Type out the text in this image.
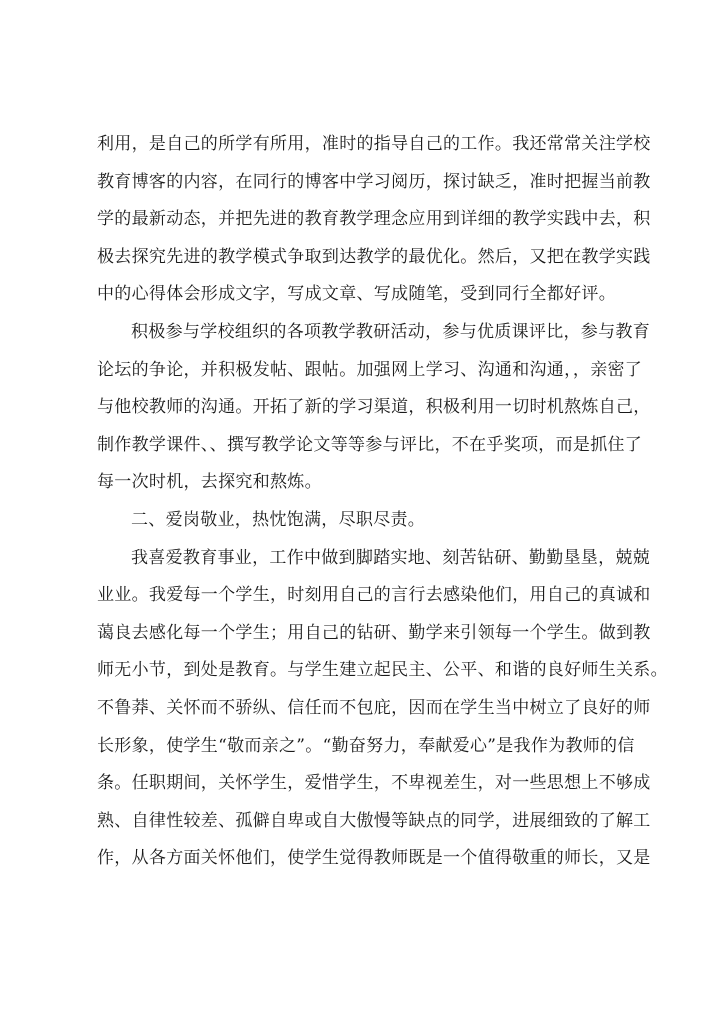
利用，是自己的所学有所用，准时的指导自己的工作。我还常常关注学校
教育博客的内容，在同行的博客中学习阅历，探讨缺乏，准时把握当前教
学的最新动态，并把先进的教育教学理念应用到详细的教学实践中去，积
极去探究先进的教学模式争取到达教学的最优化。然后，又把在教学实践
中的心得体会形成文字，写成文章、写成随笔，受到同行全都好评。
积极参与学校组织的各项教学教研活动，参与优质课评比，参与教育
论坛的争论，并积极发帖、跟帖。加强网上学习、沟通和沟通，，亲密了
与他校教师的沟通。开拓了新的学习渠道，积极利用一切时机熬炼自己，
制作教学课件、、撰写教学论文等等参与评比，不在乎奖项，而是抓住了
每一次时机，去探究和熬炼。
二、爱岗敬业，热忱饱满，尽职尽责。
我喜爱教育事业，工作中做到脚踏实地、刻苦钻研、勤勤垦垦，兢兢
业业。我爱每一个学生，时刻用自己的言行去感染他们，用自己的真诚和
蔼良去感化每一个学生；用自己的钻研、勤学来引领每一个学生。做到教
师无小节，到处是教育。与学生建立起民主、公平、和谐的良好师生关系。
不鲁莽、关怀而不骄纵、信任而不包庇，因而在学生当中树立了良好的师
长形象，使学生“敬而亲之”。“勤奋努力，奉献爱心”是我作为教师的信
条。任职期间，关怀学生，爱惜学生，不卑视差生，对一些思想上不够成
熟、自律性较差、孤僻自卑或自大傲慢等缺点的同学，进展细致的了解工
作，从各方面关怀他们，使学生觉得教师既是一个值得敬重的师长，又是
